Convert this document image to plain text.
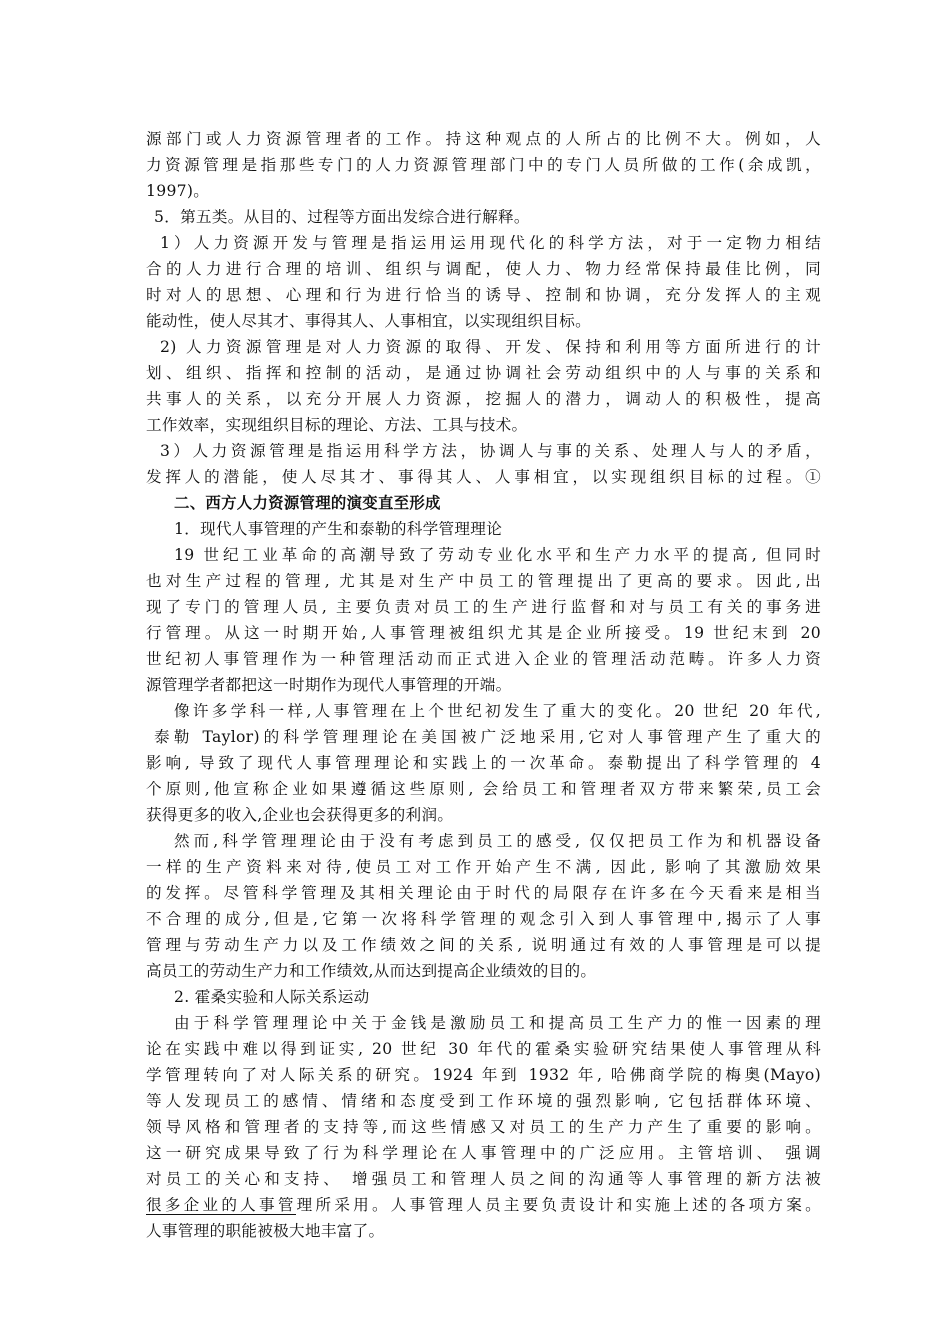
源部门或人力资源管理者的工作。持这种观点的人所占的比例不大。例如，人
力资源管理是指那些专门的人力资源管理部门中的专门人员所做的工作(余成凯，
1997)。
5．第五类。从目的、过程等方面出发综合进行解释。
1）人力资源开发与管理是指运用运用现代化的科学方法，对于一定物力相结
合的人力进行合理的培训、组织与调配，使人力、物力经常保持最佳比例，同
时对人的思想、心理和行为进行恰当的诱导、控制和协调，充分发挥人的主观
能动性，使人尽其才、事得其人、人事相宜，以实现组织目标。
2) 人力资源管理是对人力资源的取得、开发、保持和利用等方面所进行的计
划、组织、指挥和控制的活动，是通过协调社会劳动组织中的人与事的关系和
共事人的关系，以充分开展人力资源，挖掘人的潜力，调动人的积极性，提高
工作效率，实现组织目标的理论、方法、工具与技术。
3）人力资源管理是指运用科学方法，协调人与事的关系、处理人与人的矛盾，
发挥人的潜能，使人尽其才、事得其人、人事相宜，以实现组织目标的过程。①
二、西方人力资源管理的演变直至形成
1．现代人事管理的产生和泰勒的科学管理理论
19 世纪工业革命的高潮导致了劳动专业化水平和生产力水平的提高, 但同时
也对生产过程的管理, 尤其是对生产中员工的管理提出了更高的要求。因此,出
现了专门的管理人员, 主要负责对员工的生产进行监督和对与员工有关的事务进
行管理。从这一时期开始,人事管理被组织尤其是企业所接受。19 世纪末到 20
世纪初人事管理作为一种管理活动而正式进入企业的管理活动范畴。许多人力资
源管理学者都把这一时期作为现代人事管理的开端。
像许多学科一样,人事管理在上个世纪初发生了重大的变化。20 世纪 20 年代,
泰勒 Taylor)的科学管理理论在美国被广泛地采用,它对人事管理产生了重大的
影响, 导致了现代人事管理理论和实践上的一次革命。泰勒提出了科学管理的 4
个原则,他宣称企业如果遵循这些原则, 会给员工和管理者双方带来繁荣,员工会
获得更多的收入,企业也会获得更多的利润。
然而,科学管理理论由于没有考虑到员工的感受, 仅仅把员工作为和机器设备
一样的生产资料来对待,使员工对工作开始产生不满, 因此, 影响了其激励效果
的发挥。尽管科学管理及其相关理论由于时代的局限存在许多在今天看来是相当
不合理的成分,但是,它第一次将科学管理的观念引入到人事管理中,揭示了人事
管理与劳动生产力以及工作绩效之间的关系, 说明通过有效的人事管理是可以提
高员工的劳动生产力和工作绩效,从而达到提高企业绩效的目的。
2. 霍桑实验和人际关系运动
由于科学管理理论中关于金钱是激励员工和提高员工生产力的惟一因素的理
论在实践中难以得到证实, 20 世纪 30 年代的霍桑实验研究结果使人事管理从科
学管理转向了对人际关系的研究。1924 年到 1932 年, 哈佛商学院的梅奥(Mayo)
等人发现员工的感情、情绪和态度受到工作环境的强烈影响, 它包括群体环境、
领导风格和管理者的支持等,而这些情感又对员工的生产力产生了重要的影响。
这一研究成果导致了行为科学理论在人事管理中的广泛应用。主管培训、 强调
对员工的关心和支持、 增强员工和管理人员之间的沟通等人事管理的新方法被
很多企业的人事管理所采用。人事管理人员主要负责设计和实施上述的各项方案。
人事管理的职能被极大地丰富了。
